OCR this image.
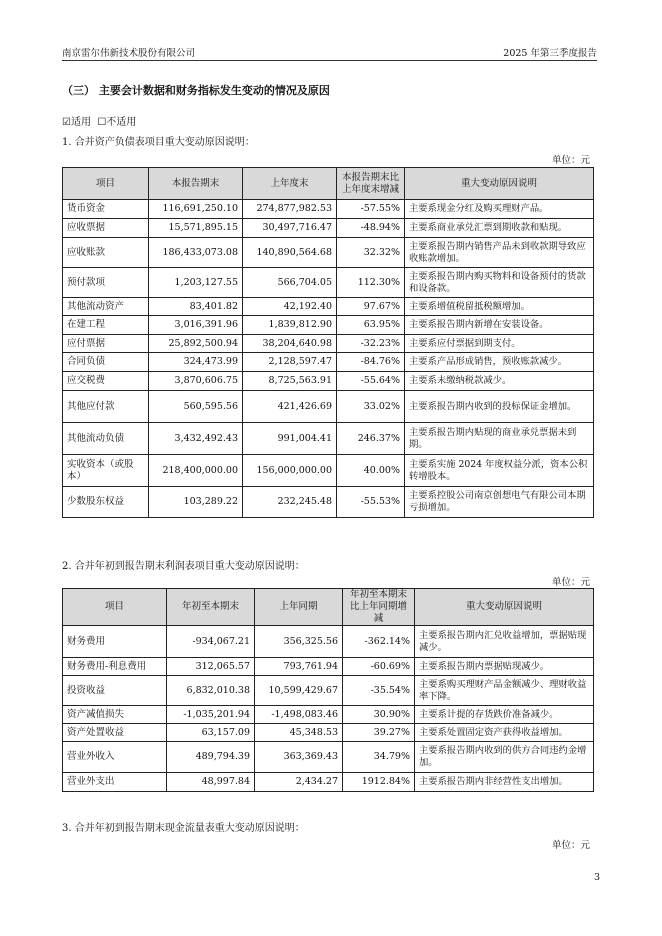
南京雷尔伟新技术股份有限公司	2025 年第三季度报告
（三） 主要会计数据和财务指标发生变动的情况及原因
☑适用 ☐不适用
1. 合并资产负债表项目重大变动原因说明：
单位：元
项目	本报告期末	上年度末	本报告期末比上年度末增减	重大变动原因说明
货币资金	116,691,250.10	274,877,982.53	-57.55%	主要系现金分红及购买理财产品。
应收票据	15,571,895.15	30,497,716.47	-48.94%	主要系商业承兑汇票到期收款和贴现。
应收账款	186,433,073.08	140,890,564.68	32.32%	主要系报告期内销售产品未到收款期导致应收账款增加。
预付款项	1,203,127.55	566,704.05	112.30%	主要系报告期内购买物料和设备预付的货款和设备款。
其他流动资产	83,401.82	42,192.40	97.67%	主要系增值税留抵税额增加。
在建工程	3,016,391.96	1,839,812.90	63.95%	主要系报告期内新增在安装设备。
应付票据	25,892,500.94	38,204,640.98	-32.23%	主要系应付票据到期支付。
合同负债	324,473.99	2,128,597.47	-84.76%	主要系产品形成销售，预收账款减少。
应交税费	3,870,606.75	8,725,563.91	-55.64%	主要系未缴纳税款减少。
其他应付款	560,595.56	421,426.69	33.02%	主要系报告期内收到的投标保证金增加。
其他流动负债	3,432,492.43	991,004.41	246.37%	主要系报告期内贴现的商业承兑票据未到期。
实收资本（或股本）	218,400,000.00	156,000,000.00	40.00%	主要系实施 2024 年度权益分派，资本公积转增股本。
少数股东权益	103,289.22	232,245.48	-55.53%	主要系控股公司南京创想电气有限公司本期亏损增加。
2. 合并年初到报告期末利润表项目重大变动原因说明：
单位：元
项目	年初至本期末	上年同期	年初至本期末比上年同期增减	重大变动原因说明
财务费用	-934,067.21	356,325.56	-362.14%	主要系报告期内汇兑收益增加，票据贴现减少。
财务费用-利息费用	312,065.57	793,761.94	-60.69%	主要系报告期内票据贴现减少。
投资收益	6,832,010.38	10,599,429.67	-35.54%	主要系购买理财产品金额减少、理财收益率下降。
资产减值损失	-1,035,201.94	-1,498,083.46	30.90%	主要系计提的存货跌价准备减少。
资产处置收益	63,157.09	45,348.53	39.27%	主要系处置固定资产获得收益增加。
营业外收入	489,794.39	363,369.43	34.79%	主要系报告期内收到的供方合同违约金增加。
营业外支出	48,997.84	2,434.27	1912.84%	主要系报告期内非经营性支出增加。
3. 合并年初到报告期末现金流量表重大变动原因说明：
单位：元
3
